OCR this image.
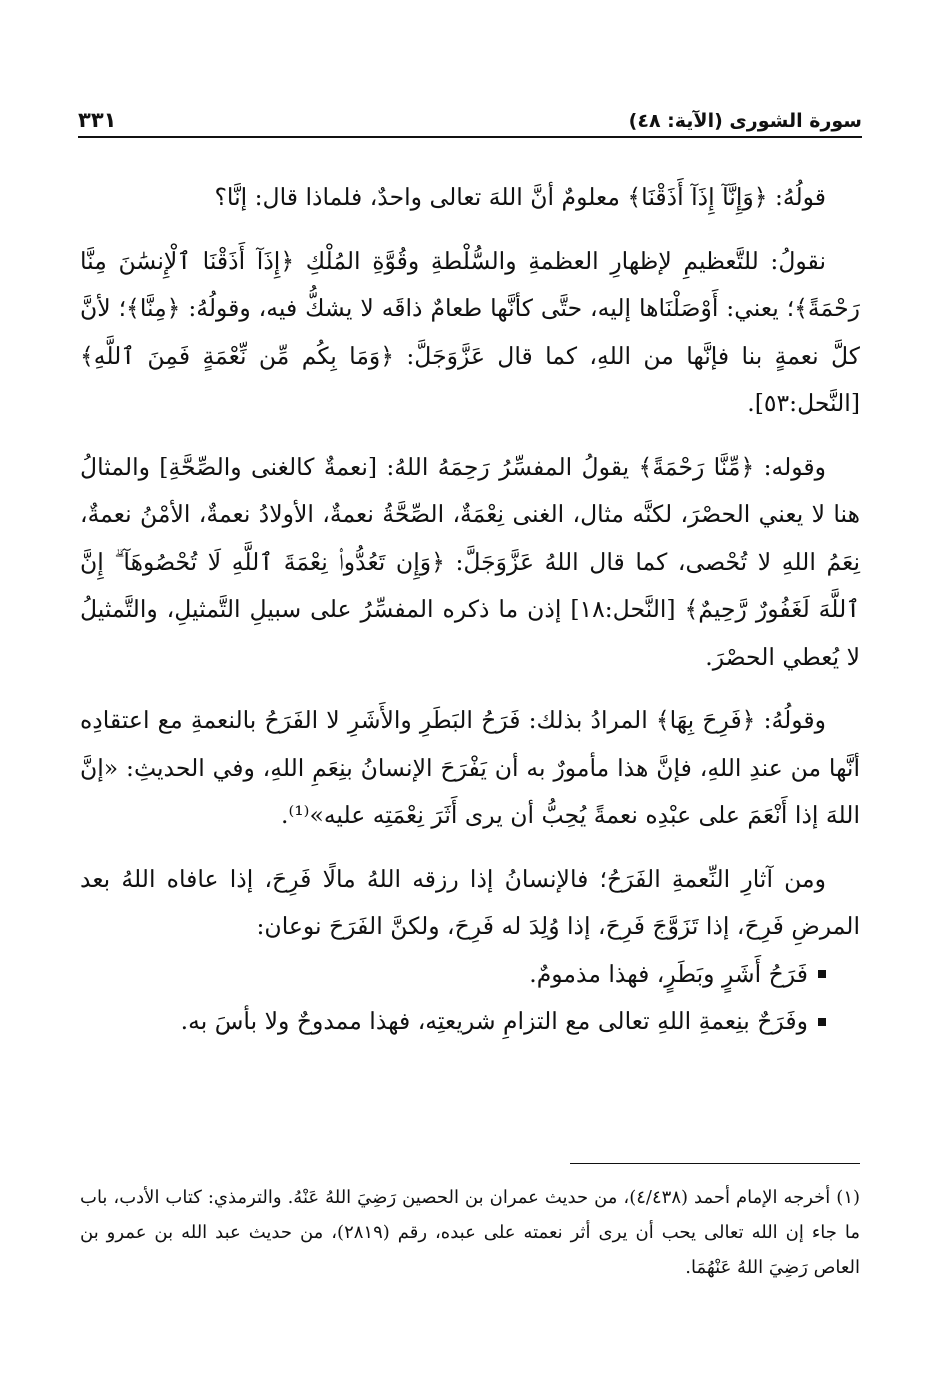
سورة الشورى (الآية: ٤٨)
٣٣١

قولُهُ: ﴿وَإِنَّآ إِذَآ أَذَقْنَا﴾ معلومٌ أنَّ اللهَ تعالى واحدٌ، فلماذا قال: إنَّا؟

نقولُ: للتَّعظيمِ لإظهارِ العظمةِ والسُّلْطةِ وقُوَّةِ المُلْكِ ﴿إِذَآ أَذَقْنَا ٱلْإِنسَٰنَ مِنَّا رَحْمَةً﴾؛ يعني: أَوْصَلْنَاها إليه، حتَّى كأنَّها طعامٌ ذاقَه لا يشكُّ فيه، وقولُهُ: ﴿مِنَّا﴾؛ لأنَّ كلَّ نعمةٍ بنا فإنَّها من اللهِ، كما قال عَزَّوَجَلَّ: ﴿وَمَا بِكُم مِّن نِّعْمَةٍ فَمِنَ ٱللَّهِ﴾ [النَّحل:٥٣].

وقوله: ﴿مِّنَّا رَحْمَةً﴾ يقولُ المفسِّرُ رَحِمَهُ اللهُ: [نعمةٌ كالغنى والصِّحَّةِ] والمثالُ هنا لا يعني الحصْرَ، لكنَّه مثال، الغنى نِعْمَةٌ، الصِّحَّةُ نعمةٌ، الأولادُ نعمةٌ، الأمْنُ نعمةٌ، نِعَمُ اللهِ لا تُحْصى، كما قال اللهُ عَزَّوَجَلَّ: ﴿وَإِن تَعُدُّوا۟ نِعْمَةَ ٱللَّهِ لَا تُحْصُوهَآ ۗ إِنَّ ٱللَّهَ لَغَفُورٌ رَّحِيمٌ﴾ [النَّحل:١٨] إذن ما ذكره المفسِّرُ على سبيلِ التَّمثيلِ، والتَّمثيلُ لا يُعطي الحصْرَ.

وقولُهُ: ﴿فَرِحَ بِهَا﴾ المرادُ بذلك: فَرَحُ البَطَرِ والأَشَرِ لا الفَرَحُ بالنعمةِ مع اعتقادِه أنَّها من عندِ اللهِ، فإنَّ هذا مأمورٌ به أن يَفْرَحَ الإنسانُ بنِعَمِ اللهِ، وفي الحديثِ: «إنَّ اللهَ إذا أَنْعَمَ على عبْدِه نعمةً يُحِبُّ أن يرى أَثَرَ نِعْمَتِه عليه»⁽¹⁾.

ومن آثارِ النِّعمةِ الفَرَحُ؛ فالإنسانُ إذا رزقه اللهُ مالًا فَرِحَ، إذا عافاه اللهُ بعد المرضِ فَرِحَ، إذا تَزَوَّجَ فَرِحَ، إذا وُلِدَ له فَرِحَ، ولكنَّ الفَرَحَ نوعان:

فَرَحُ أَشَرٍ وبَطَرٍ، فهذا مذمومٌ.
وفَرَحٌ بنِعمةِ اللهِ تعالى مع التزامِ شريعتِه، فهذا ممدوحٌ ولا بأسَ به.
(١) أخرجه الإمام أحمد (٤/٤٣٨)، من حديث عمران بن الحصين رَضِيَ اللهُ عَنْهُ. والترمذي: كتاب الأدب، باب ما جاء إن الله تعالى يحب أن يرى أثر نعمته على عبده، رقم (٢٨١٩)، من حديث عبد الله بن عمرو بن العاص رَضِيَ اللهُ عَنْهُمَا.
